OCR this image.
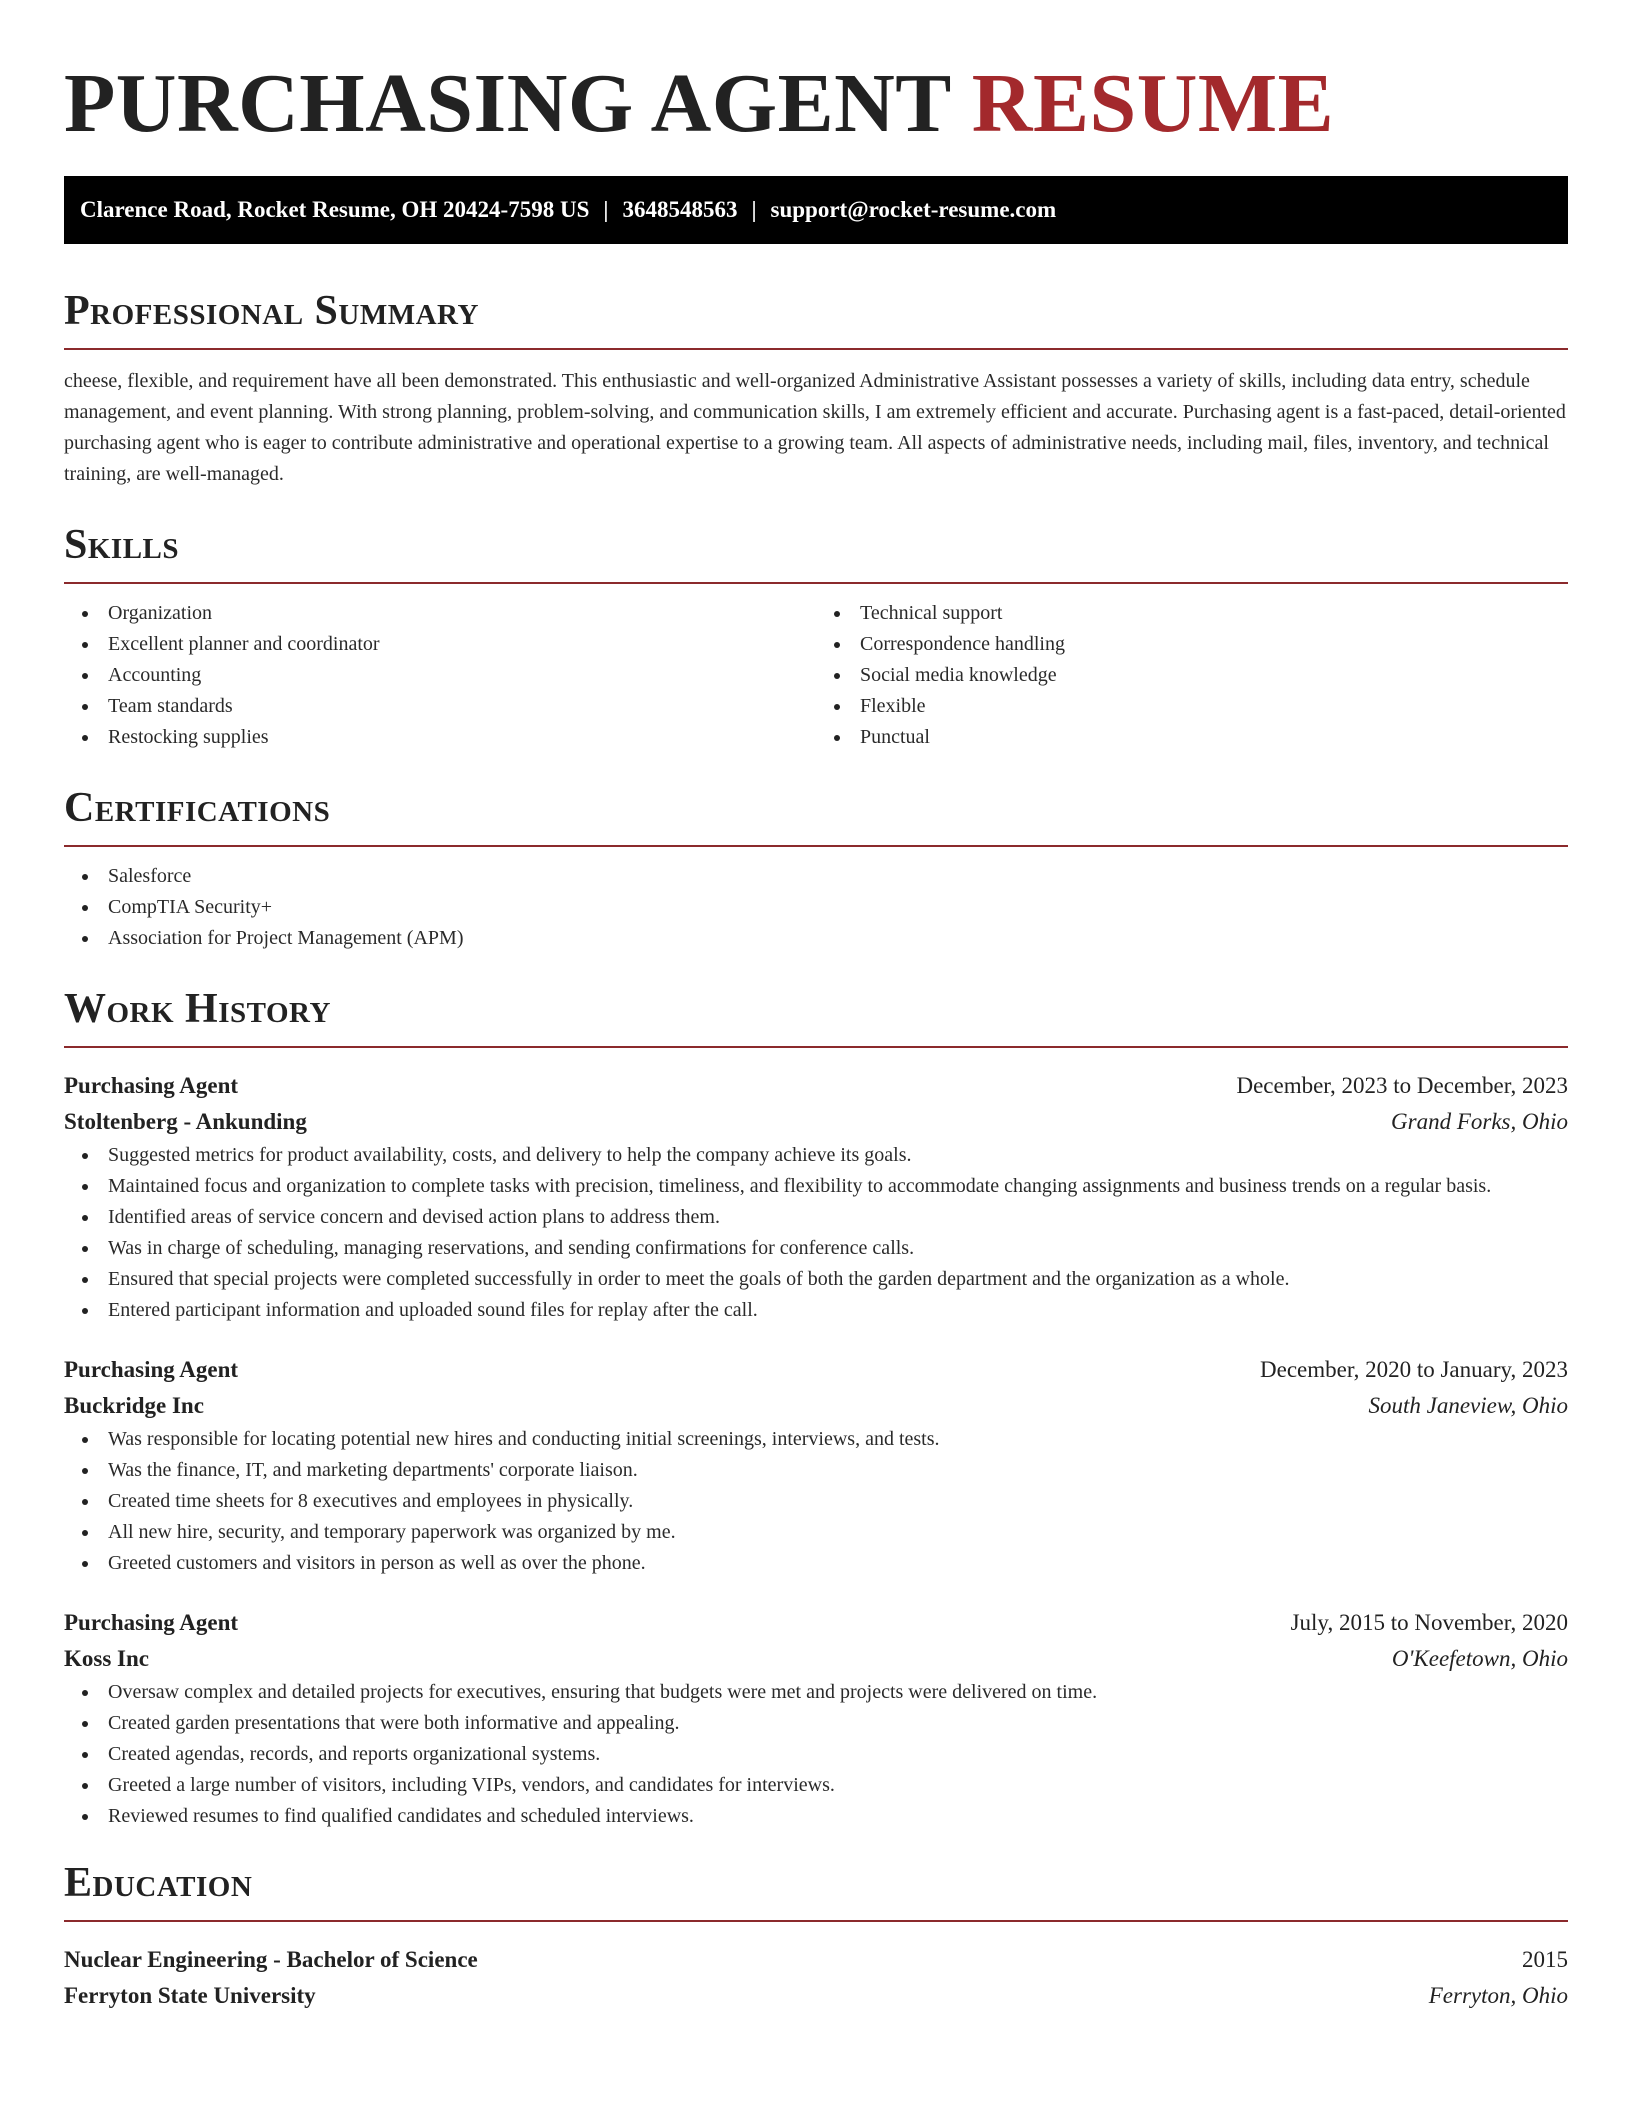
PURCHASING AGENT RESUME
Clarence Road, Rocket Resume, OH 20424-7598 US | 3648548563 | support@rocket-resume.com
Professional Summary

cheese, flexible, and requirement have all been demonstrated. This enthusiastic and well-organized Administrative Assistant possesses a variety of skills, including data entry, schedule management, and event planning. With strong planning, problem-solving, and communication skills, I am extremely efficient and accurate. Purchasing agent is a fast-paced, detail-oriented purchasing agent who is eager to contribute administrative and operational expertise to a growing team. All aspects of administrative needs, including mail, files, inventory, and technical training, are well-managed.

Skills
Organization
Excellent planner and coordinator
Accounting
Team standards
Restocking supplies
Technical support
Correspondence handling
Social media knowledge
Flexible
Punctual
Certifications
Salesforce
CompTIA Security+
Association for Project Management (APM)
Work History
Purchasing Agent	December, 2023 to December, 2023
Stoltenberg - Ankunding	Grand Forks, Ohio
Suggested metrics for product availability, costs, and delivery to help the company achieve its goals.
Maintained focus and organization to complete tasks with precision, timeliness, and flexibility to accommodate changing assignments and business trends on a regular basis.
Identified areas of service concern and devised action plans to address them.
Was in charge of scheduling, managing reservations, and sending confirmations for conference calls.
Ensured that special projects were completed successfully in order to meet the goals of both the garden department and the organization as a whole.
Entered participant information and uploaded sound files for replay after the call.
Purchasing Agent	December, 2020 to January, 2023
Buckridge Inc	South Janeview, Ohio
Was responsible for locating potential new hires and conducting initial screenings, interviews, and tests.
Was the finance, IT, and marketing departments' corporate liaison.
Created time sheets for 8 executives and employees in physically.
All new hire, security, and temporary paperwork was organized by me.
Greeted customers and visitors in person as well as over the phone.
Purchasing Agent	July, 2015 to November, 2020
Koss Inc	O'Keefetown, Ohio
Oversaw complex and detailed projects for executives, ensuring that budgets were met and projects were delivered on time.
Created garden presentations that were both informative and appealing.
Created agendas, records, and reports organizational systems.
Greeted a large number of visitors, including VIPs, vendors, and candidates for interviews.
Reviewed resumes to find qualified candidates and scheduled interviews.
Education
Nuclear Engineering - Bachelor of Science	2015
Ferryton State University	Ferryton, Ohio
